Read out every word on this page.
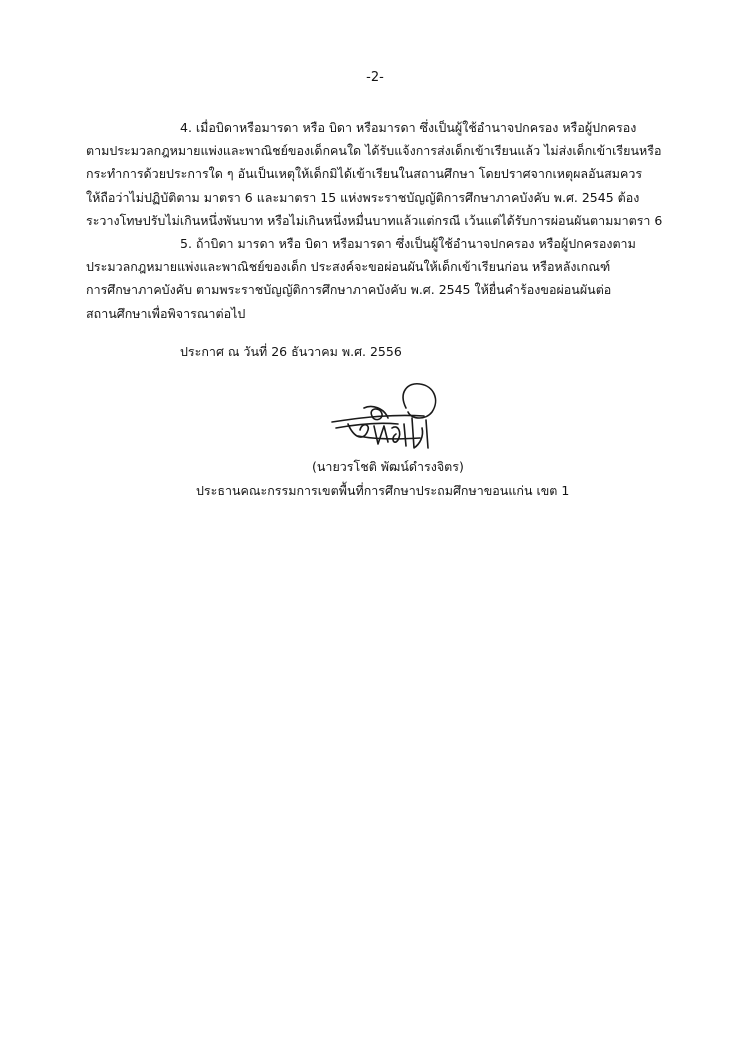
-2-
4. เมื่อบิดาหรือมารดา หรือ บิดา หรือมารดา ซึ่งเป็นผู้ใช้อำนาจปกครอง หรือผู้ปกครอง
ตามประมวลกฎหมายแพ่งและพาณิชย์ของเด็กคนใด ได้รับแจ้งการส่งเด็กเข้าเรียนแล้ว ไม่ส่งเด็กเข้าเรียนหรือ
กระทำการด้วยประการใด ๆ อันเป็นเหตุให้เด็กมิได้เข้าเรียนในสถานศึกษา โดยปราศจากเหตุผลอันสมควร
ให้ถือว่าไม่ปฏิบัติตาม มาตรา 6 และมาตรา 15 แห่งพระราชบัญญัติการศึกษาภาคบังคับ พ.ศ. 2545 ต้อง
ระวางโทษปรับไม่เกินหนึ่งพันบาท หรือไม่เกินหนึ่งหมื่นบาทแล้วแต่กรณี เว้นแต่ได้รับการผ่อนผันตามมาตรา 6
5. ถ้าบิดา มารดา หรือ บิดา หรือมารดา ซึ่งเป็นผู้ใช้อำนาจปกครอง หรือผู้ปกครองตาม
ประมวลกฎหมายแพ่งและพาณิชย์ของเด็ก ประสงค์จะขอผ่อนผันให้เด็กเข้าเรียนก่อน หรือหลังเกณฑ์
การศึกษาภาคบังคับ ตามพระราชบัญญัติการศึกษาภาคบังคับ พ.ศ. 2545 ให้ยื่นคำร้องขอผ่อนผันต่อ
สถานศึกษาเพื่อพิจารณาต่อไป
ประกาศ ณ วันที่ 26 ธันวาคม พ.ศ. 2556
(นายวรโชติ พัฒน์ดำรงจิตร)
ประธานคณะกรรมการเขตพื้นที่การศึกษาประถมศึกษาขอนแก่น เขต 1
